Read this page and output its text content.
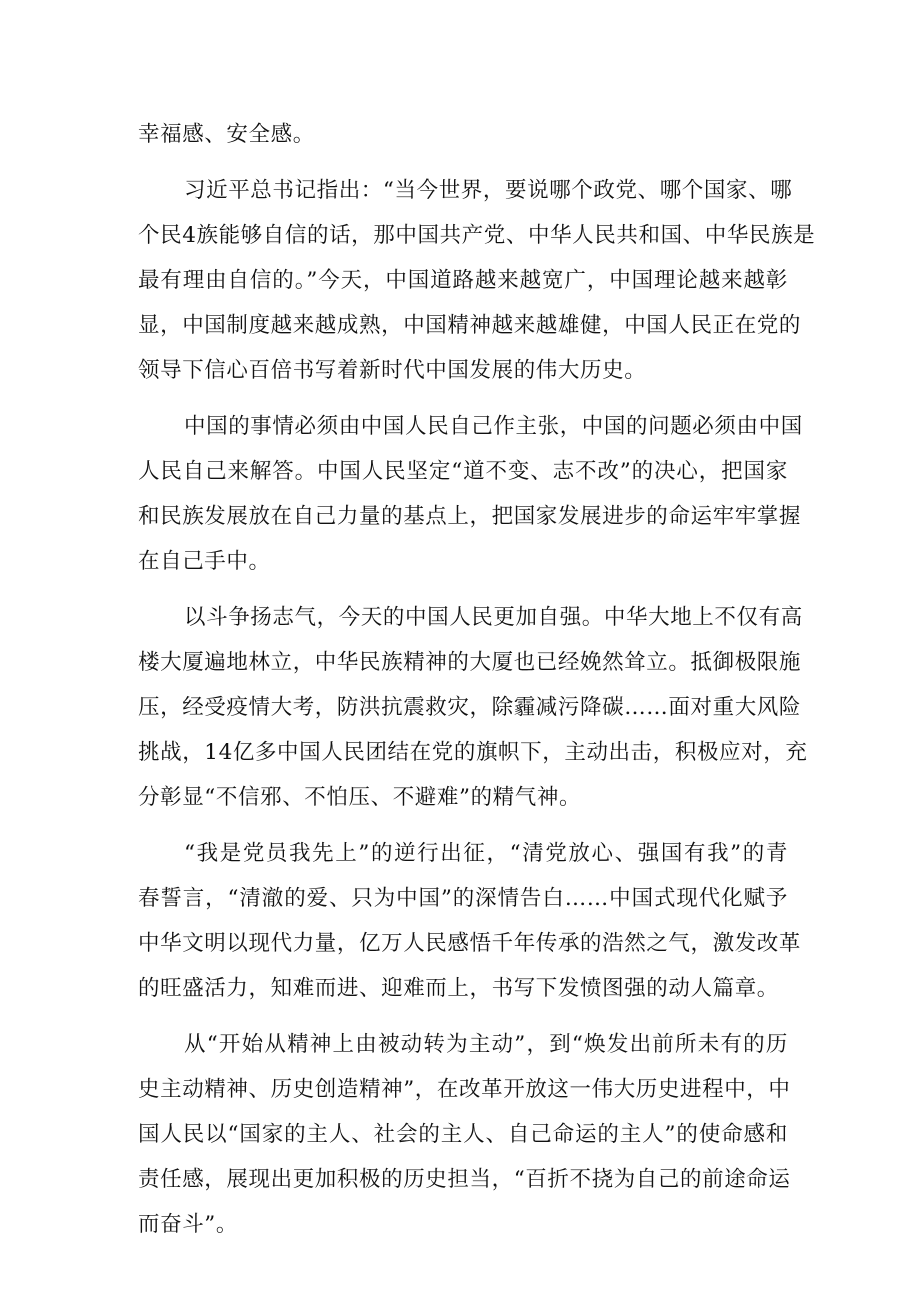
幸福感、安全感。
习近平总书记指出：“当今世界，要说哪个政党、哪个国家、哪
个民4族能够自信的话，那中国共产党、中华人民共和国、中华民族是
最有理由自信的。”今天，中国道路越来越宽广，中国理论越来越彰
显，中国制度越来越成熟，中国精神越来越雄健，中国人民正在党的
领导下信心百倍书写着新时代中国发展的伟大历史。
中国的事情必须由中国人民自己作主张，中国的问题必须由中国
人民自己来解答。中国人民坚定“道不变、志不改”的决心，把国家
和民族发展放在自己力量的基点上，把国家发展进步的命运牢牢掌握
在自己手中。
以斗争扬志气，今天的中国人民更加自强。中华大地上不仅有高
楼大厦遍地林立，中华民族精神的大厦也已经娩然耸立。抵御极限施
压，经受疫情大考，防洪抗震救灾，除霾减污降碳……面对重大风险
挑战，14亿多中国人民团结在党的旗帜下，主动出击，积极应对，充
分彰显“不信邪、不怕压、不避难”的精气神。
“我是党员我先上”的逆行出征，“清党放心、强国有我”的青
春誓言，“清澈的爱、只为中国”的深情告白……中国式现代化赋予
中华文明以现代力量，亿万人民感悟千年传承的浩然之气，激发改革
的旺盛活力，知难而进、迎难而上，书写下发愤图强的动人篇章。
从“开始从精神上由被动转为主动”，到“焕发出前所未有的历
史主动精神、历史创造精神”，在改革开放这一伟大历史进程中，中
国人民以“国家的主人、社会的主人、自己命运的主人”的使命感和
责任感，展现出更加积极的历史担当，“百折不挠为自己的前途命运
而奋斗”。
